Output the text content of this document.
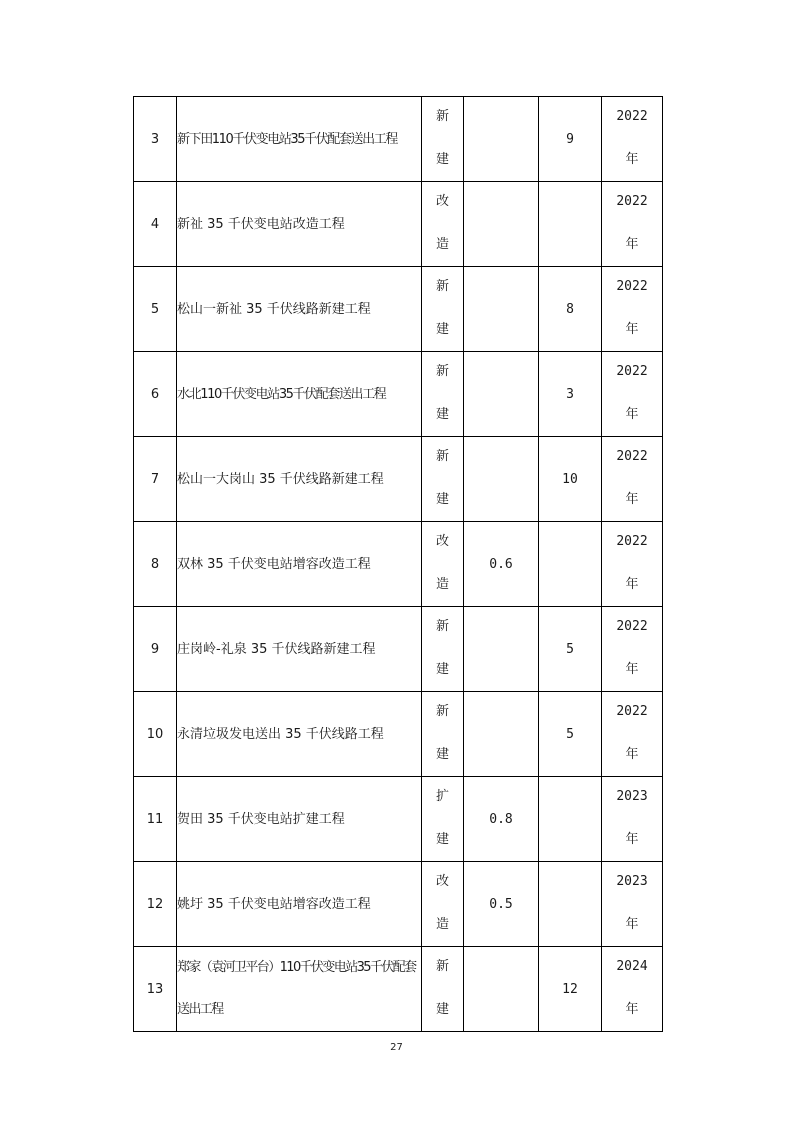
3	新下田110千伏变电站35千伏配套送出工程	新
建		9	2022
年

4	新祉 35 千伏变电站改造工程	改
造			2022
年

5	松山一新祉 35 千伏线路新建工程	新
建		8	2022
年

6	水北110千伏变电站35千伏配套送出工程	新
建		3	2022
年

7	松山一大岗山 35 千伏线路新建工程	新
建		10	2022
年

8	双林 35 千伏变电站增容改造工程	改
造	0.6		2022
年

9	庄岗岭-礼泉 35 千伏线路新建工程	新
建		5	2022
年

10	永清垃圾发电送出 35 千伏线路工程	新
建		5	2022
年

11	贺田 35 千伏变电站扩建工程	扩
建	0.8		2023
年

12	姚圩 35 千伏变电站增容改造工程	改
造	0.5		2023
年

13	郑家（袁河卫平台）110千伏变电站35千伏配套送出工程	新
建		12	2024
年
27
